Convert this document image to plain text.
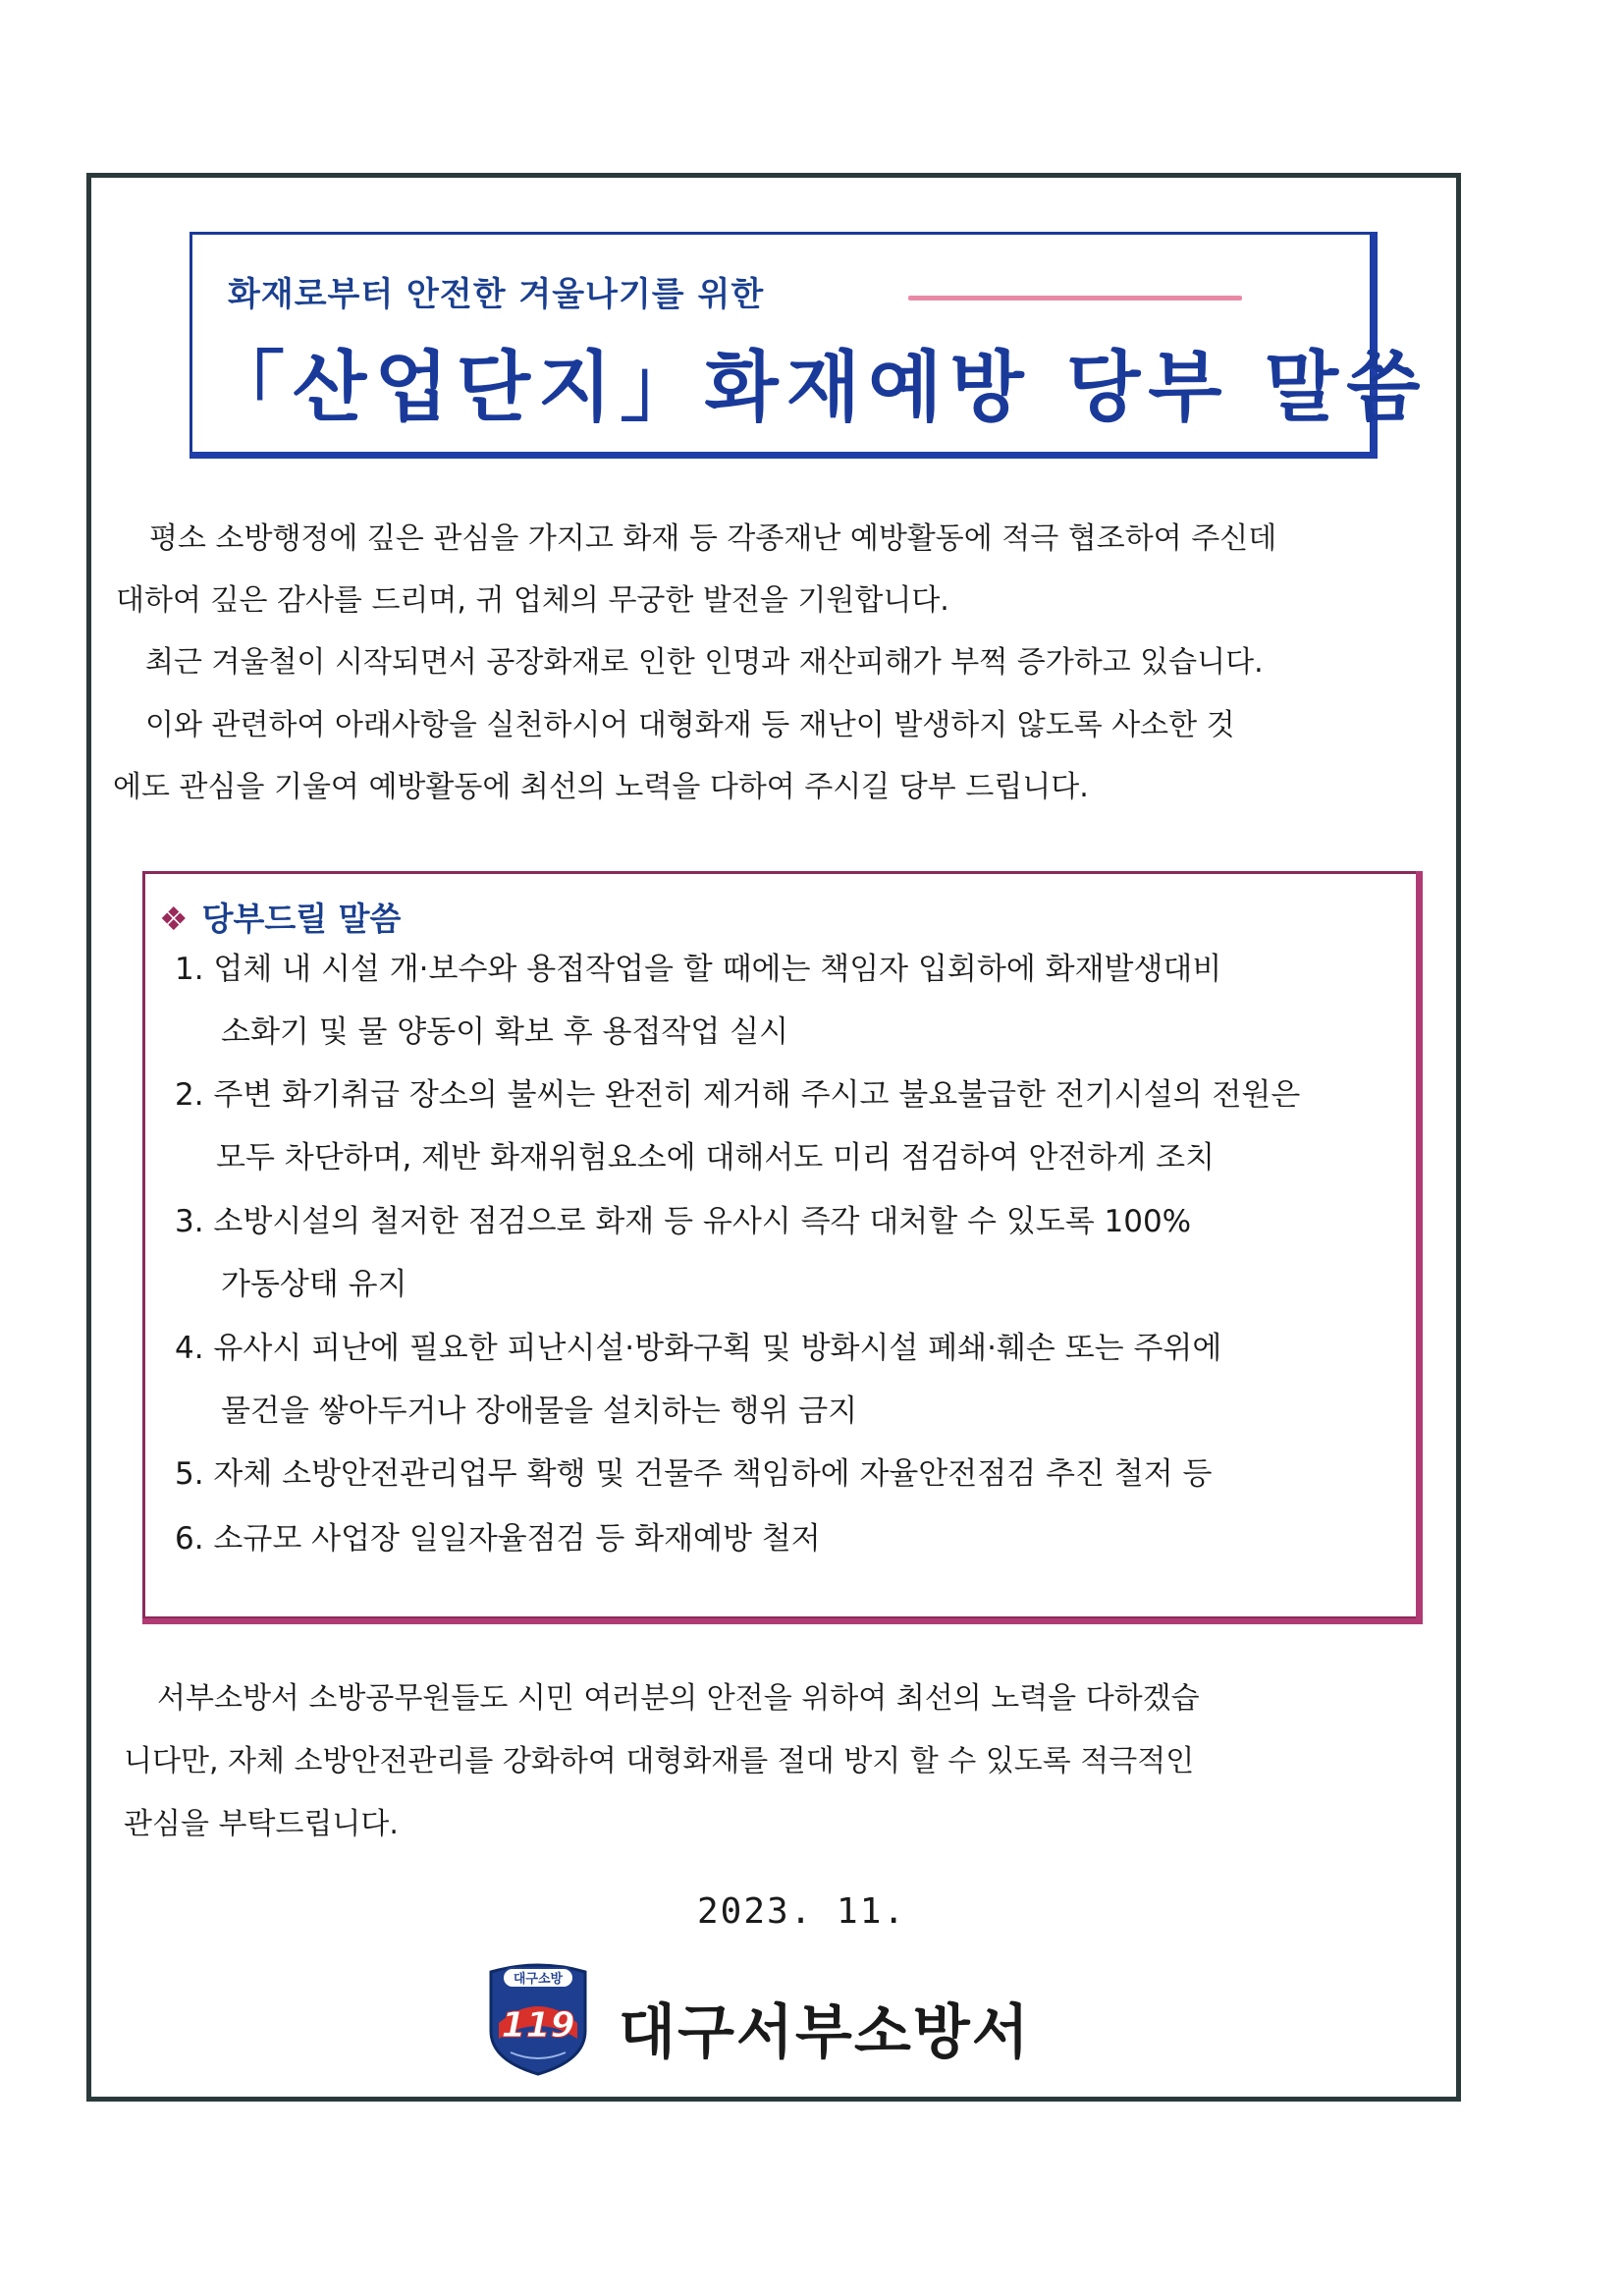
화재로부터 안전한 겨울나기를 위한
「산업단지」화재예방 당부 말씀
평소 소방행정에 깊은 관심을 가지고 화재 등 각종재난 예방활동에 적극 협조하여 주신데
대하여 깊은 감사를 드리며, 귀 업체의 무궁한 발전을 기원합니다.
최근 겨울철이 시작되면서 공장화재로 인한 인명과 재산피해가 부쩍 증가하고 있습니다.
이와 관련하여 아래사항을 실천하시어 대형화재 등 재난이 발생하지 않도록 사소한 것
에도 관심을 기울여 예방활동에 최선의 노력을 다하여 주시길 당부 드립니다.
❖ 당부드릴 말씀
1. 업체 내 시설 개·보수와 용접작업을 할 때에는 책임자 입회하에 화재발생대비
소화기 및 물 양동이 확보 후 용접작업 실시
2. 주변 화기취급 장소의 불씨는 완전히 제거해 주시고 불요불급한 전기시설의 전원은
모두 차단하며, 제반 화재위험요소에 대해서도 미리 점검하여 안전하게 조치
3. 소방시설의 철저한 점검으로 화재 등 유사시 즉각 대처할 수 있도록 100%
가동상태 유지
4. 유사시 피난에 필요한 피난시설·방화구획 및 방화시설 폐쇄·훼손 또는 주위에
물건을 쌓아두거나 장애물을 설치하는 행위 금지
5. 자체 소방안전관리업무 확행 및 건물주 책임하에 자율안전점검 추진 철저 등
6. 소규모 사업장 일일자율점검 등 화재예방 철저
서부소방서 소방공무원들도 시민 여러분의 안전을 위하여 최선의 노력을 다하겠습
니다만, 자체 소방안전관리를 강화하여 대형화재를 절대 방지 할 수 있도록 적극적인
관심을 부탁드립니다.
2023. 11.
대구소방
119 대구서부소방서
